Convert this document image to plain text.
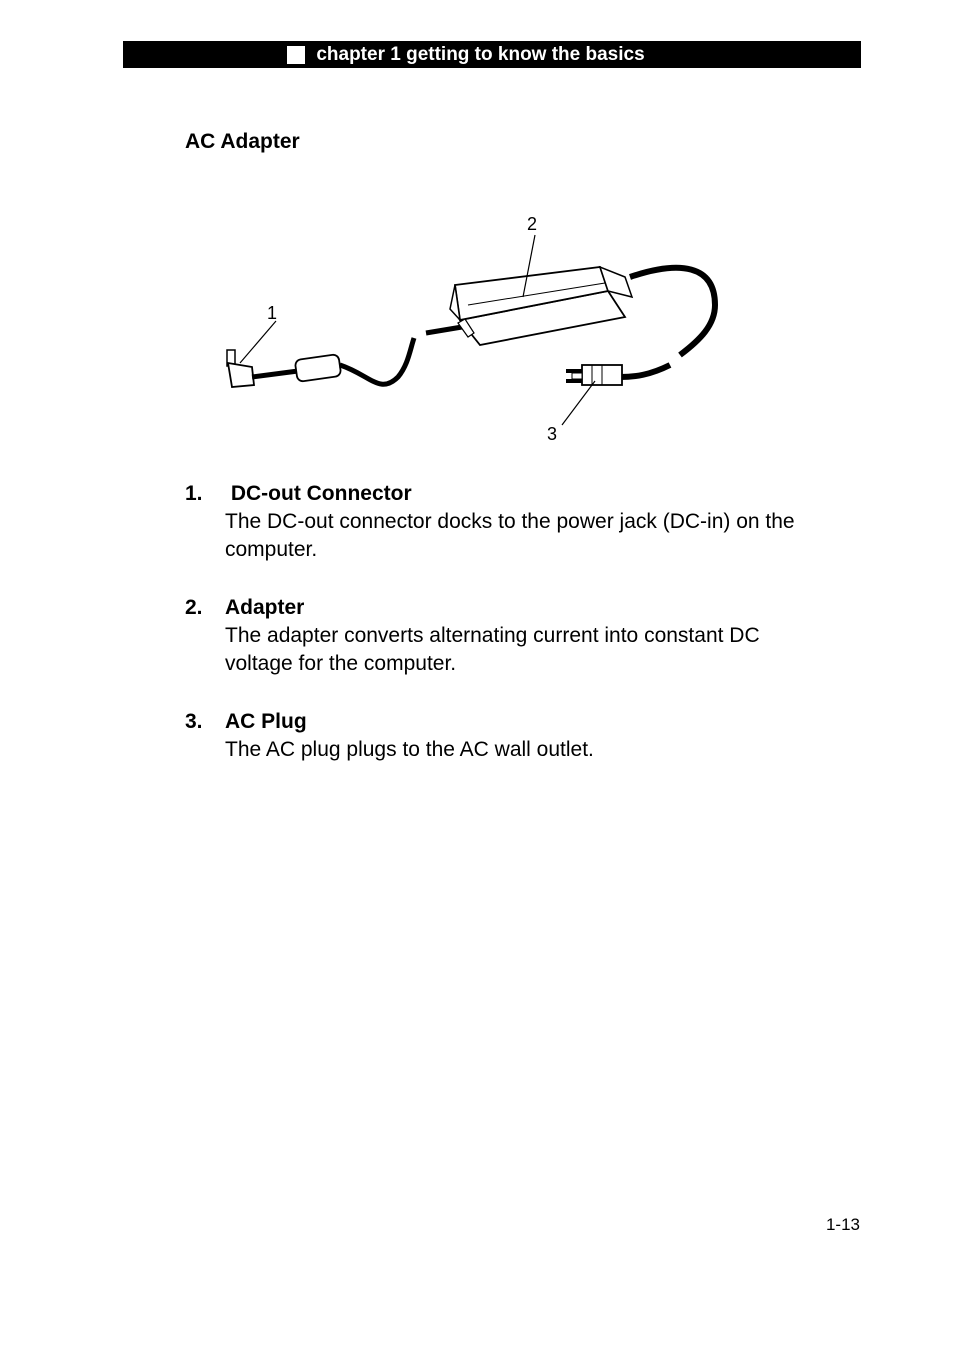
chapter 1 getting to know the basics
AC Adapter
1
2
3
1.	DC-out Connector
The DC-out connector docks to the power jack (DC-in) on the
computer.
2.	Adapter
The adapter converts alternating current into constant DC
voltage for the computer.
3.	AC Plug
The AC plug plugs to the AC wall outlet.
1-13
